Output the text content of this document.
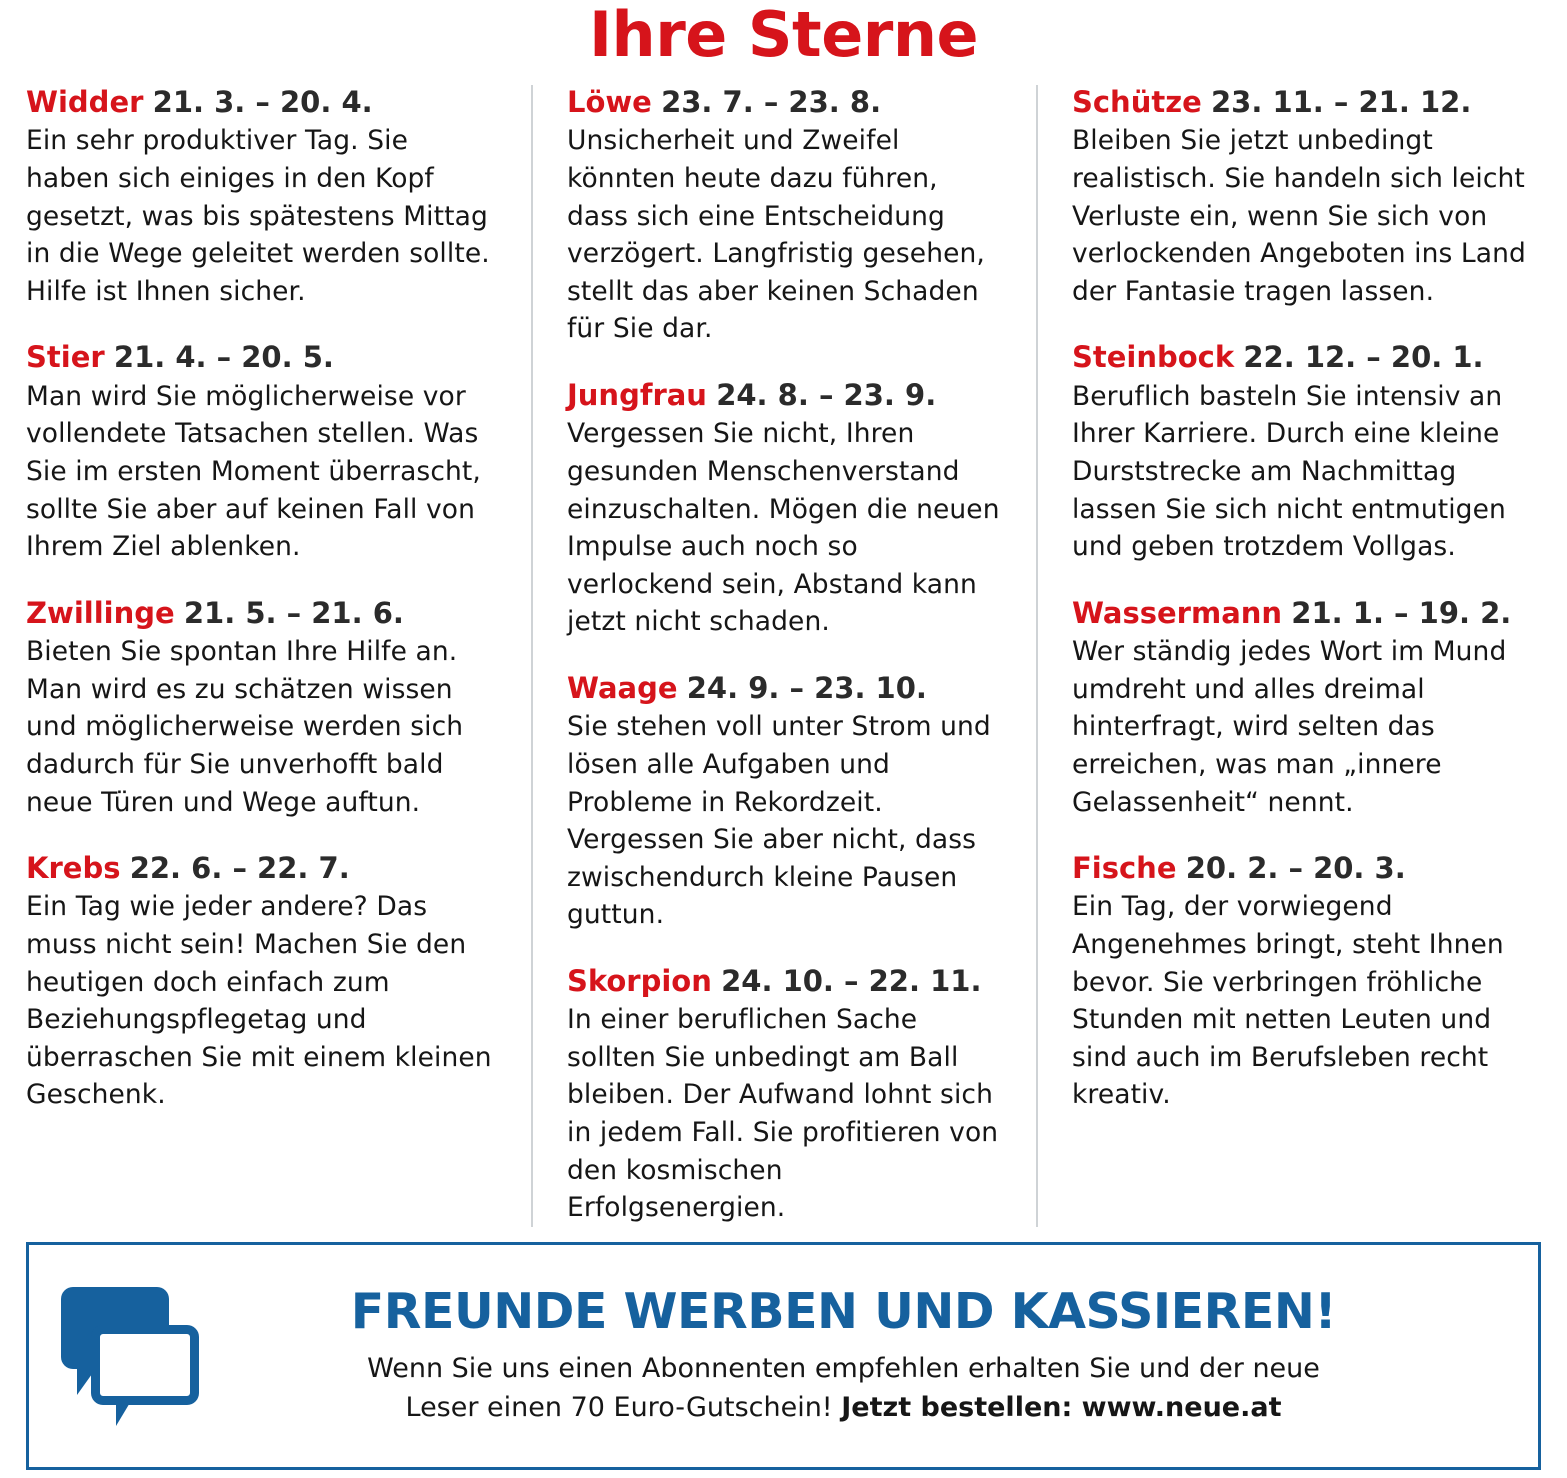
Ihre Sterne
Widder 21. 3. – 20. 4.
Ein sehr produktiver Tag. Sie haben sich einiges in den Kopf gesetzt, was bis spätestens Mittag in die Wege geleitet werden sollte. Hilfe ist Ihnen sicher.
Stier 21. 4. – 20. 5.
Man wird Sie möglicherweise vor vollendete Tatsachen stellen. Was Sie im ersten Moment überrascht, sollte Sie aber auf keinen Fall von Ihrem Ziel ablenken.
Zwillinge 21. 5. – 21. 6.
Bieten Sie spontan Ihre Hilfe an. Man wird es zu schätzen wissen und möglicherweise werden sich dadurch für Sie unverhofft bald neue Türen und Wege auftun.
Krebs 22. 6. – 22. 7.
Ein Tag wie jeder andere? Das muss nicht sein! Machen Sie den heutigen doch einfach zum Beziehungspflegetag und überraschen Sie mit einem kleinen Geschenk.
Löwe 23. 7. – 23. 8.
Unsicherheit und Zweifel könnten heute dazu führen, dass sich eine Entscheidung verzögert. Langfristig gesehen, stellt das aber keinen Schaden für Sie dar.
Jungfrau 24. 8. – 23. 9.
Vergessen Sie nicht, Ihren gesunden Menschenverstand einzuschalten. Mögen die neuen Impulse auch noch so verlockend sein, Abstand kann jetzt nicht schaden.
Waage 24. 9. – 23. 10.
Sie stehen voll unter Strom und lösen alle Aufgaben und Probleme in Rekordzeit. Vergessen Sie aber nicht, dass zwischendurch kleine Pausen guttun.
Skorpion 24. 10. – 22. 11.
In einer beruflichen Sache sollten Sie unbedingt am Ball bleiben. Der Aufwand lohnt sich in jedem Fall. Sie profitieren von den kosmischen Erfolgsenergien.
Schütze 23. 11. – 21. 12.
Bleiben Sie jetzt unbedingt realistisch. Sie handeln sich leicht Verluste ein, wenn Sie sich von verlockenden Angeboten ins Land der Fantasie tragen lassen.
Steinbock 22. 12. – 20. 1.
Beruflich basteln Sie intensiv an Ihrer Karriere. Durch eine kleine Durststrecke am Nachmittag lassen Sie sich nicht entmutigen und geben trotzdem Vollgas.
Wassermann 21. 1. – 19. 2.
Wer ständig jedes Wort im Mund umdreht und alles dreimal hinterfragt, wird selten das erreichen, was man „innere Gelassenheit“ nennt.
Fische 20. 2. – 20. 3.
Ein Tag, der vorwiegend Angenehmes bringt, steht Ihnen bevor. Sie verbringen fröhliche Stunden mit netten Leuten und sind auch im Berufsleben recht kreativ.
FREUNDE WERBEN UND KASSIEREN!
Wenn Sie uns einen Abonnenten empfehlen erhalten Sie und der neue
Leser einen 70 Euro-Gutschein! Jetzt bestellen: www.neue.at
